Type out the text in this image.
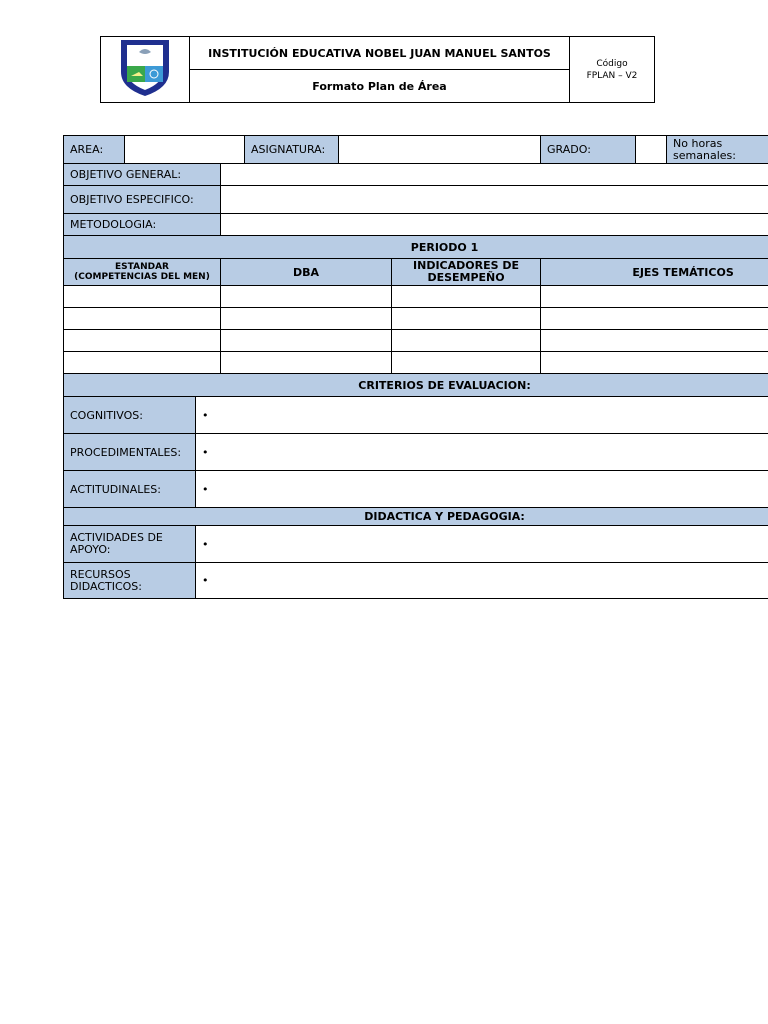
	INSTITUCIÓN EDUCATIVA NOBEL JUAN MANUEL SANTOS	Código
FPLAN – V2
Formato Plan de Área
AREA:				ASIGNATURA:			GRADO:		No horas semanales:	
OBJETIVO GENERAL:										
OBJETIVO ESPECIFICO:										
METODOLOGIA:										
PERIODO 1										
ESTANDAR
(COMPETENCIAS DEL MEN)			DBA			INDICADORES DE DESEMPEÑO	EJES TEMÁTICOS			

CRITERIOS DE EVALUACION:										
COGNITIVOS:		•								
PROCEDIMENTALES:		•								
ACTITUDINALES:		•								
DIDACTICA Y PEDAGOGIA:										
ACTIVIDADES DE APOYO:		•								
RECURSOS DIDACTICOS:		•								
